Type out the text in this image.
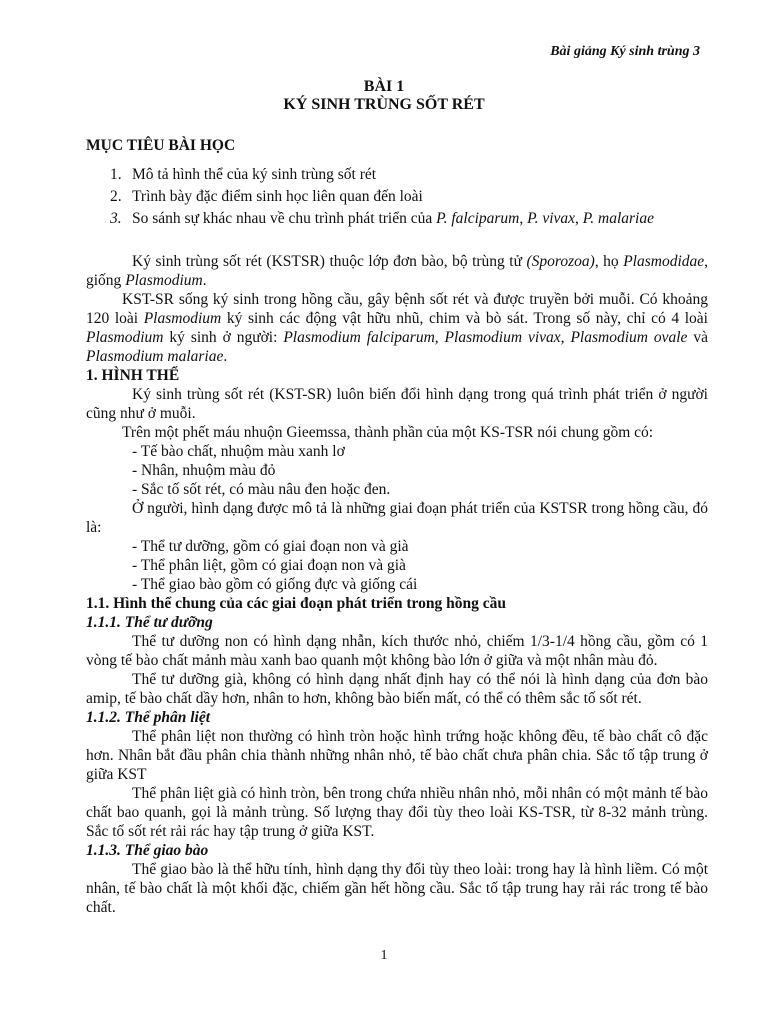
Bài giảng Ký sinh trùng 3
BÀI 1
KÝ SINH TRÙNG SỐT RÉT
MỤC TIÊU BÀI HỌC
1. Mô tả hình thể của ký sinh trùng sốt rét
2. Trình bày đặc điểm sinh học liên quan đến loài
3. So sánh sự khác nhau về chu trình phát triển của P. falciparum, P. vivax, P. malariae

Ký sinh trùng sốt rét (KSTSR) thuộc lớp đơn bào, bộ trùng tử (Sporozoa), họ Plasmodidae, giống Plasmodium.

KST-SR sống ký sinh trong hồng cầu, gây bệnh sốt rét và được truyền bởi muỗi. Có khoảng 120 loài Plasmodium ký sinh các động vật hữu nhũ, chim và bò sát. Trong số này, chỉ có 4 loài Plasmodium ký sinh ở người: Plasmodium falciparum, Plasmodium vivax, Plasmodium ovale và Plasmodium malariae.

1. HÌNH THỂ

Ký sinh trùng sốt rét (KST-SR) luôn biến đổi hình dạng trong quá trình phát triển ở người cũng như ở muỗi.

Trên một phết máu nhuộn Gieemssa, thành phần của một KS-TSR nói chung gồm có:

- Tế bào chất, nhuộm màu xanh lơ
- Nhân, nhuộm màu đỏ
- Sắc tố sốt rét, có màu nâu đen hoặc đen.

Ở người, hình dạng được mô tả là những giai đoạn phát triển của KSTSR trong hồng cầu, đó là:

- Thể tư dưỡng, gồm có giai đoạn non và già
- Thể phân liệt, gồm có giai đoạn non và già
- Thể giao bào gồm có giống đực và giống cái
1.1. Hình thể chung của các giai đoạn phát triển trong hồng cầu
1.1.1. Thể tư dưỡng

Thể tư dưỡng non có hình dạng nhẫn, kích thước nhỏ, chiếm 1/3-1/4 hồng cầu, gồm có 1 vòng tế bào chất mảnh màu xanh bao quanh một không bào lớn ở giữa và một nhân màu đỏ.

Thể tư dưỡng già, không có hình dạng nhất định hay có thể nói là hình dạng của đơn bào amip, tế bào chất dầy hơn, nhân to hơn, không bào biến mất, có thể có thêm sắc tố sốt rét.

1.1.2. Thể phân liệt

Thể phân liệt non thường có hình tròn hoặc hình trứng hoặc không đều, tế bào chất cô đặc hơn. Nhân bắt đầu phân chia thành những nhân nhỏ, tế bào chất chưa phân chia. Sắc tố tập trung ở giữa KST

Thể phân liệt già có hình tròn, bên trong chứa nhiều nhân nhỏ, mỗi nhân có một mảnh tế bào chất bao quanh, gọi là mảnh trùng. Số lượng thay đổi tùy theo loài KS-TSR, từ 8-32 mảnh trùng. Sắc tố sốt rét rải rác hay tập trung ở giữa KST.

1.1.3. Thể giao bào

Thể giao bào là thể hữu tính, hình dạng thy đổi tùy theo loài: trong hay là hình liềm. Có một nhân, tế bào chất là một khối đặc, chiếm gần hết hồng cầu. Sắc tố tập trung hay rải rác trong tế bào chất.

1
